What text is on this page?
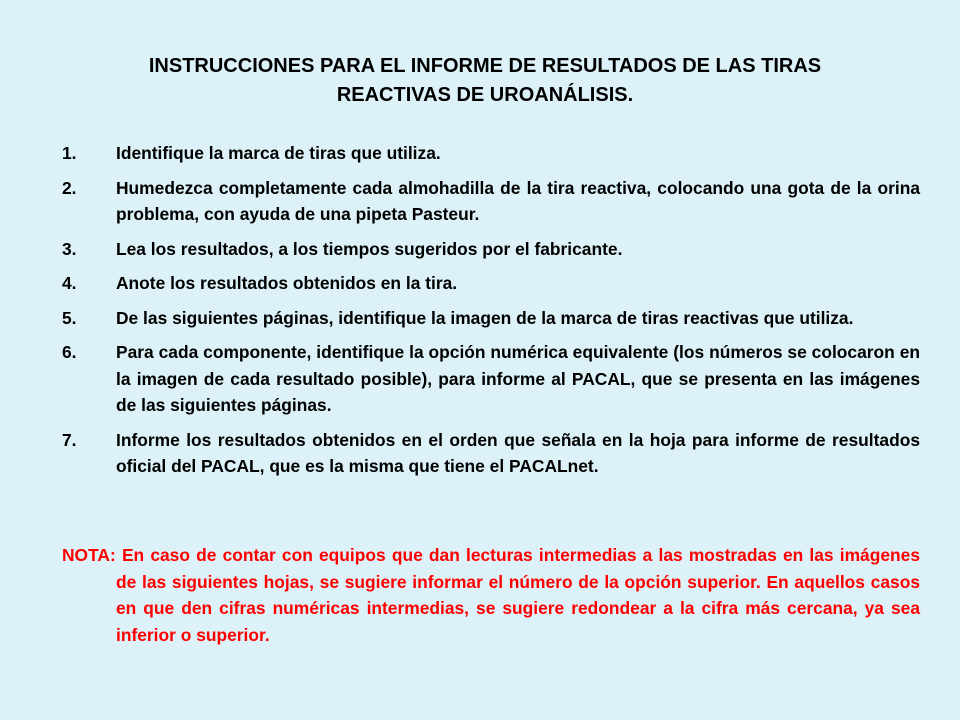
INSTRUCCIONES PARA EL INFORME DE RESULTADOS DE LAS TIRAS
REACTIVAS DE UROANÁLISIS.
1. Identifique la marca de tiras que utiliza.
2. Humedezca completamente cada almohadilla de la tira reactiva, colocando una gota de la orina problema, con ayuda de una pipeta Pasteur.
3. Lea los resultados, a los tiempos sugeridos por el fabricante.
4. Anote los resultados obtenidos en la tira.
5. De las siguientes páginas, identifique la imagen de la marca de tiras reactivas que utiliza.
6. Para cada componente, identifique la opción numérica equivalente (los números se colocaron en la imagen de cada resultado posible), para informe al PACAL, que se presenta en las imágenes de las siguientes páginas.
7. Informe los resultados obtenidos en el orden que señala en la hoja para informe de resultados oficial del PACAL, que es la misma que tiene el PACALnet.
NOTA: En caso de contar con equipos que dan lecturas intermedias a las mostradas en las imágenes de las siguientes hojas, se sugiere informar el número de la opción superior. En aquellos casos en que den cifras numéricas intermedias, se sugiere redondear a la cifra más cercana, ya sea inferior o superior.
